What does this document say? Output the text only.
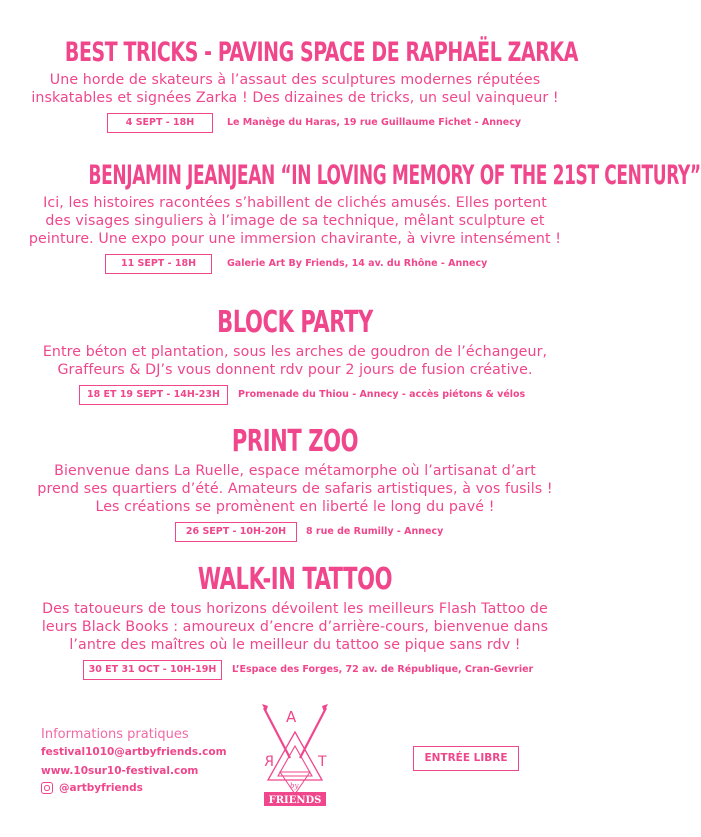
BEST TRICKS - PAVING SPACE DE RAPHAËL ZARKA
Une horde de skateurs à l’assaut des sculptures modernes réputées
inskatables et signées Zarka ! Des dizaines de tricks, un seul vainqueur !
4 SEPT - 18H	Le Manège du Haras, 19 rue Guillaume Fichet - Annecy
BENJAMIN JEANJEAN “IN LOVING MEMORY OF THE 21ST CENTURY”
Ici, les histoires racontées s’habillent de clichés amusés. Elles portent
des visages singuliers à l’image de sa technique, mêlant sculpture et
peinture. Une expo pour une immersion chavirante, à vivre intensément !
11 SEPT - 18H	Galerie Art By Friends, 14 av. du Rhône - Annecy
BLOCK PARTY
Entre béton et plantation, sous les arches de goudron de l’échangeur,
Graffeurs & DJ’s vous donnent rdv pour 2 jours de fusion créative.
18 ET 19 SEPT - 14H-23H	Promenade du Thiou - Annecy - accès piétons & vélos
PRINT ZOO
Bienvenue dans La Ruelle, espace métamorphe où l’artisanat d’art
prend ses quartiers d’été. Amateurs de safaris artistiques, à vos fusils !
Les créations se promènent en liberté le long du pavé !
26 SEPT - 10H-20H	8 rue de Rumilly - Annecy
WALK-IN TATTOO
Des tatoueurs de tous horizons dévoilent les meilleurs Flash Tattoo de
leurs Black Books : amoureux d’encre d’arrière-cours, bienvenue dans
l’antre des maîtres où le meilleur du tattoo se pique sans rdv !
30 ET 31 OCT - 10H-19H	L’Espace des Forges, 72 av. de République, Cran-Gevrier
Informations pratiques
festival1010@artbyfriends.com
www.10sur10-festival.com
@artbyfriends
A
R	T
by
FRIENDS
ENTRÉE LIBRE
